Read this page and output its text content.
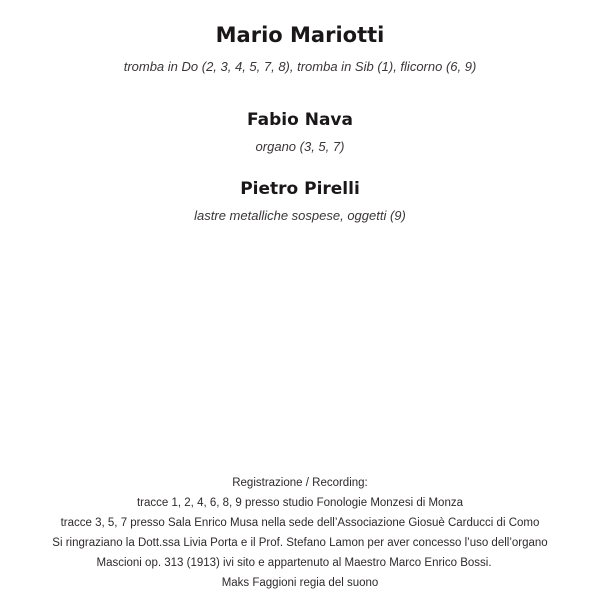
Mario Mariotti
tromba in Do (2, 3, 4, 5, 7, 8), tromba in Sib (1), flicorno (6, 9)
Fabio Nava
organo (3, 5, 7)
Pietro Pirelli
lastre metalliche sospese, oggetti (9)
Registrazione / Recording:
tracce 1, 2, 4, 6, 8, 9 presso studio Fonologie Monzesi di Monza
tracce 3, 5, 7 presso Sala Enrico Musa nella sede dell’Associazione Giosuè Carducci di Como
Si ringraziano la Dott.ssa Livia Porta e il Prof. Stefano Lamon per aver concesso l’uso dell’organo
Mascioni op. 313 (1913) ivi sito e appartenuto al Maestro Marco Enrico Bossi.
Maks Faggioni regia del suono
